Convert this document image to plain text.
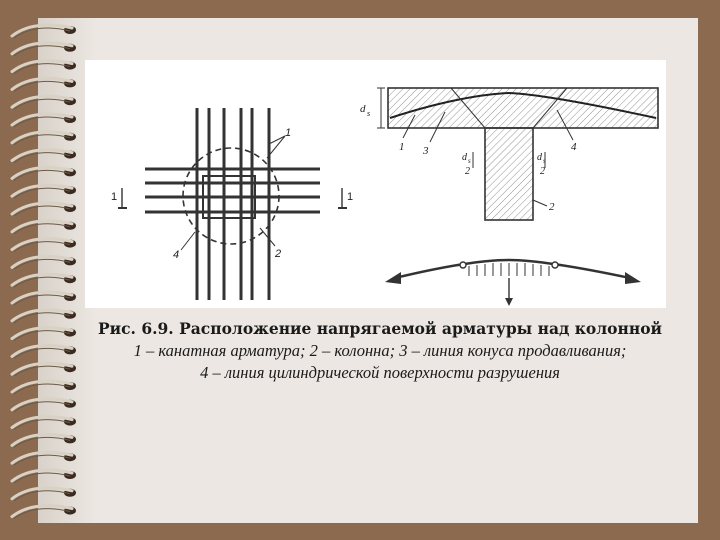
1	1
1
2
4
d s
d s
2
d s
2
1 3	4
2

Рис. 6.9. Расположение напрягаемой арматуры над колонной

1 – канатная арматура; 2 – колонна; 3 – линия конуса продавливания;

4 – линия цилиндрической поверхности разрушения
